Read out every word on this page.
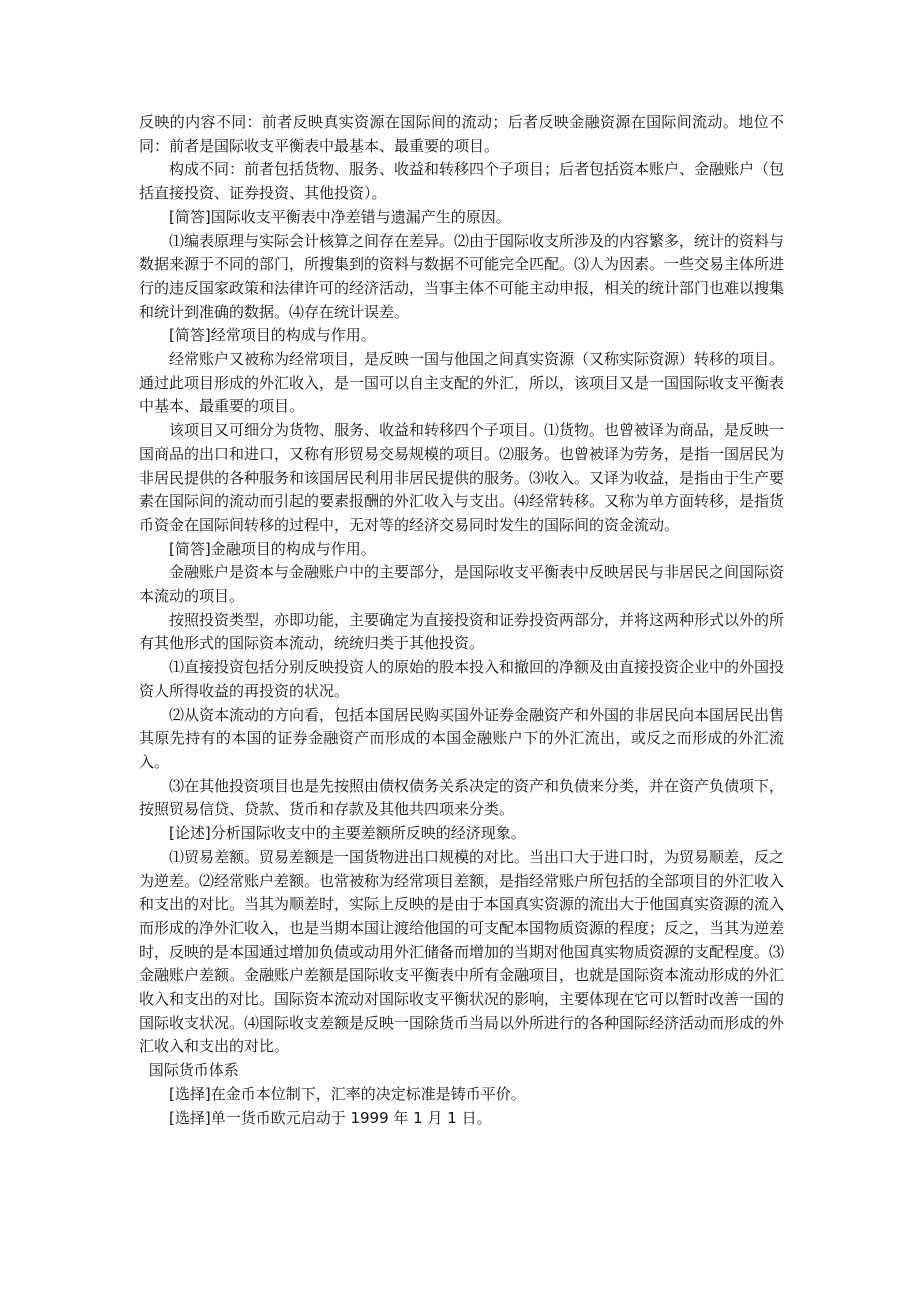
反映的内容不同：前者反映真实资源在国际间的流动；后者反映金融资源在国际间流动。地位不同：前者是国际收支平衡表中最基本、最重要的项目。

构成不同：前者包括货物、服务、收益和转移四个子项目；后者包括资本账户、金融账户（包括直接投资、证券投资、其他投资）。

[简答]国际收支平衡表中净差错与遗漏产生的原因。

⑴编表原理与实际会计核算之间存在差异。⑵由于国际收支所涉及的内容繁多，统计的资料与数据来源于不同的部门，所搜集到的资料与数据不可能完全匹配。⑶人为因素。一些交易主体所进行的违反国家政策和法律许可的经济活动，当事主体不可能主动申报，相关的统计部门也难以搜集和统计到准确的数据。⑷存在统计误差。

[简答]经常项目的构成与作用。

经常账户又被称为经常项目，是反映一国与他国之间真实资源（又称实际资源）转移的项目。通过此项目形成的外汇收入，是一国可以自主支配的外汇，所以，该项目又是一国国际收支平衡表中基本、最重要的项目。

该项目又可细分为货物、服务、收益和转移四个子项目。⑴货物。也曾被译为商品，是反映一国商品的出口和进口，又称有形贸易交易规模的项目。⑵服务。也曾被译为劳务，是指一国居民为非居民提供的各种服务和该国居民利用非居民提供的服务。⑶收入。又译为收益，是指由于生产要素在国际间的流动而引起的要素报酬的外汇收入与支出。⑷经常转移。又称为单方面转移，是指货币资金在国际间转移的过程中，无对等的经济交易同时发生的国际间的资金流动。

[简答]金融项目的构成与作用。

金融账户是资本与金融账户中的主要部分，是国际收支平衡表中反映居民与非居民之间国际资本流动的项目。

按照投资类型，亦即功能，主要确定为直接投资和证券投资两部分，并将这两种形式以外的所有其他形式的国际资本流动，统统归类于其他投资。

⑴直接投资包括分别反映投资人的原始的股本投入和撤回的净额及由直接投资企业中的外国投资人所得收益的再投资的状况。

⑵从资本流动的方向看，包括本国居民购买国外证券金融资产和外国的非居民向本国居民出售其原先持有的本国的证券金融资产而形成的本国金融账户下的外汇流出，或反之而形成的外汇流入。

⑶在其他投资项目也是先按照由债权债务关系决定的资产和负债来分类，并在资产负债项下，按照贸易信贷、贷款、货币和存款及其他共四项来分类。

[论述]分析国际收支中的主要差额所反映的经济现象。

⑴贸易差额。贸易差额是一国货物进出口规模的对比。当出口大于进口时，为贸易顺差，反之为逆差。⑵经常账户差额。也常被称为经常项目差额，是指经常账户所包括的全部项目的外汇收入和支出的对比。当其为顺差时，实际上反映的是由于本国真实资源的流出大于他国真实资源的流入而形成的净外汇收入，也是当期本国让渡给他国的可支配本国物质资源的程度；反之，当其为逆差时，反映的是本国通过增加负债或动用外汇储备而增加的当期对他国真实物质资源的支配程度。⑶金融账户差额。金融账户差额是国际收支平衡表中所有金融项目，也就是国际资本流动形成的外汇收入和支出的对比。国际资本流动对国际收支平衡状况的影响，主要体现在它可以暂时改善一国的国际收支状况。⑷国际收支差额是反映一国除货币当局以外所进行的各种国际经济活动而形成的外汇收入和支出的对比。

国际货币体系

[选择]在金币本位制下，汇率的决定标准是铸币平价。

[选择]单一货币欧元启动于 1999 年 1 月 1 日。
